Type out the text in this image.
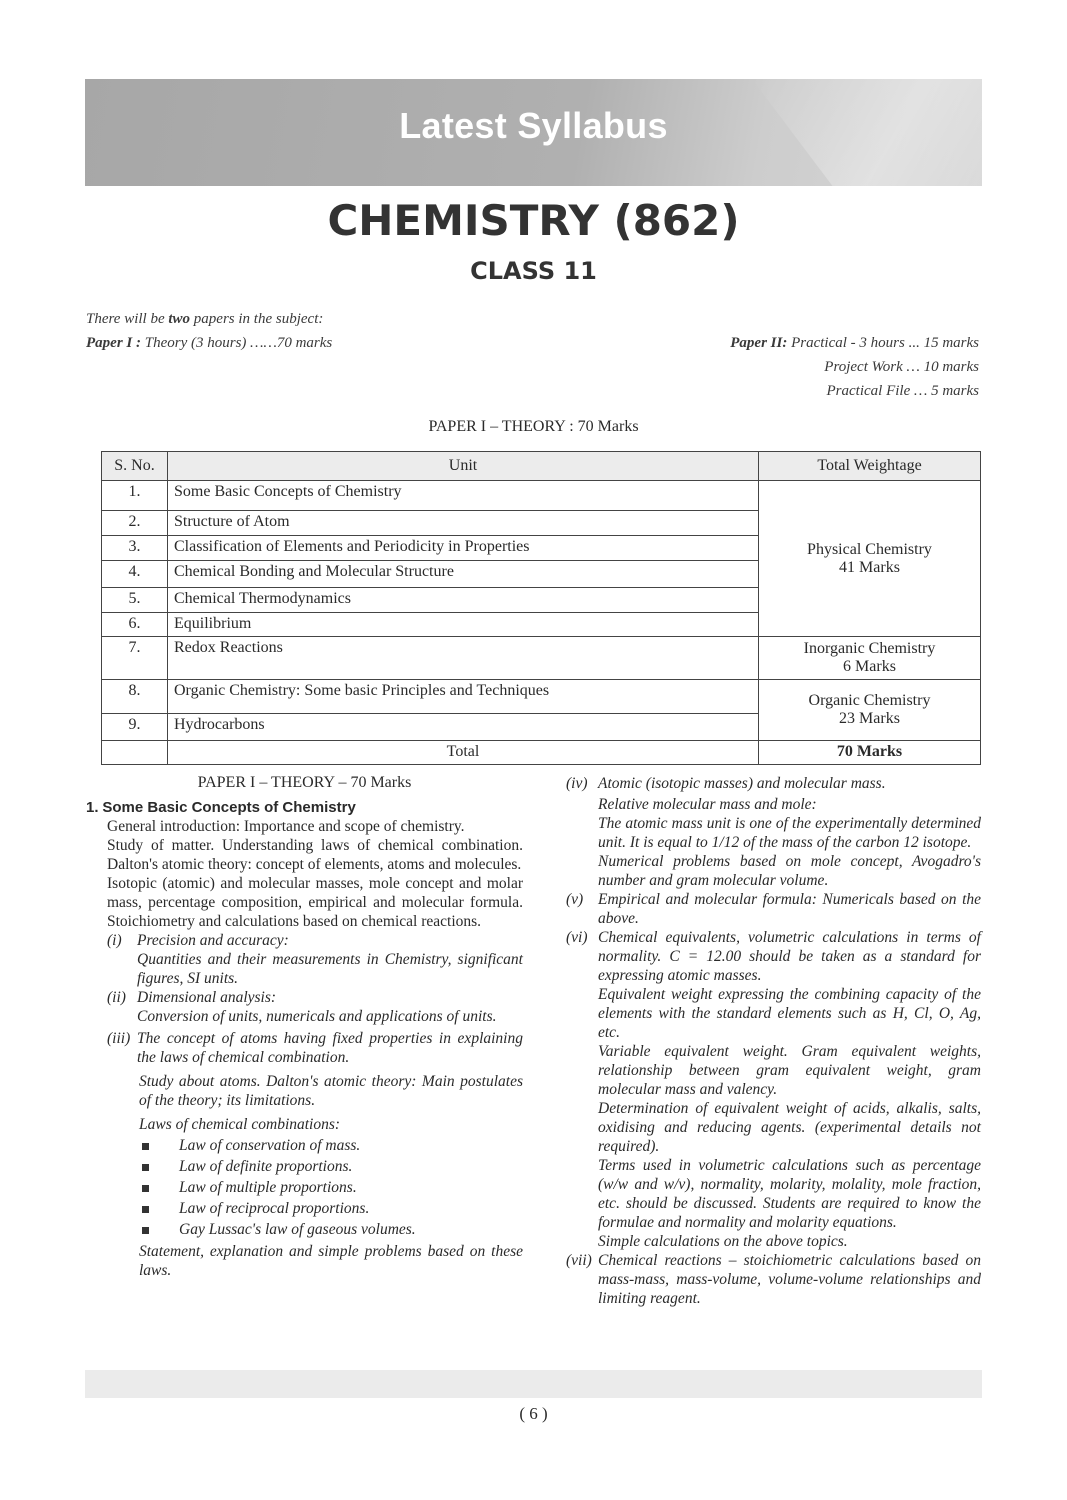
Latest Syllabus
CHEMISTRY (862)
CLASS 11
There will be two papers in the subject:
Paper I : Theory (3 hours) ……70 marks	Paper II: Practical - 3 hours ... 15 marks
Project Work … 10 marks
Practical File … 5 marks
PAPER I – THEORY : 70 Marks
S. No.	Unit	Total Weightage
1.	Some Basic Concepts of Chemistry	Physical Chemistry
41 Marks
2.	Structure of Atom	
3.	Classification of Elements and Periodicity in Properties	
4.	Chemical Bonding and Molecular Structure	
5.	Chemical Thermodynamics	
6.	Equilibrium	
7.	Redox Reactions	Inorganic Chemistry
6 Marks
8.	Organic Chemistry: Some basic Principles and Techniques	Organic Chemistry
23 Marks
9.	Hydrocarbons	
	Total	70 Marks
PAPER I – THEORY – 70 Marks
1. Some Basic Concepts of Chemistry

General introduction: Importance and scope of chemistry.

Study of matter. Understanding laws of chemical combination. Dalton's atomic theory: concept of elements, atoms and molecules.

Isotopic (atomic) and molecular masses, mole concept and molar mass, percentage composition, empirical and molecular formula. Stoichiometry and calculations based on chemical reactions.

(i) Precision and accuracy:

Quantities and their measurements in Chemistry, significant figures, SI units.

(ii) Dimensional analysis:

Conversion of units, numericals and applications of units.

(iii) The concept of atoms having fixed properties in explaining the laws of chemical combination.

Study about atoms. Dalton's atomic theory: Main postulates of the theory; its limitations.

Laws of chemical combinations:

Law of conservation of mass.
Law of definite proportions.
Law of multiple proportions.
Law of reciprocal proportions.
Gay Lussac's law of gaseous volumes.

Statement, explanation and simple problems based on these laws.

(iv) Atomic (isotopic masses) and molecular mass.

Relative molecular mass and mole:

The atomic mass unit is one of the experimentally determined unit. It is equal to 1/12 of the mass of the carbon 12 isotope.

Numerical problems based on mole concept, Avogadro's number and gram molecular volume.

(v) Empirical and molecular formula: Numericals based on the above.
(vi) Chemical equivalents, volumetric calculations in terms of normality. C = 12.00 should be taken as a standard for expressing atomic masses.

Equivalent weight expressing the combining capacity of the elements with the standard elements such as H, Cl, O, Ag, etc.

Variable equivalent weight. Gram equivalent weights, relationship between gram equivalent weight, gram molecular mass and valency.

Determination of equivalent weight of acids, alkalis, salts, oxidising and reducing agents. (experimental details not required).

Terms used in volumetric calculations such as percentage (w/w and w/v), normality, molarity, molality, mole fraction, etc. should be discussed. Students are required to know the formulae and normality and molarity equations.

Simple calculations on the above topics.

(vii) Chemical reactions – stoichiometric calculations based on mass-mass, mass-volume, volume-volume relationships and limiting reagent.
( 6 )
